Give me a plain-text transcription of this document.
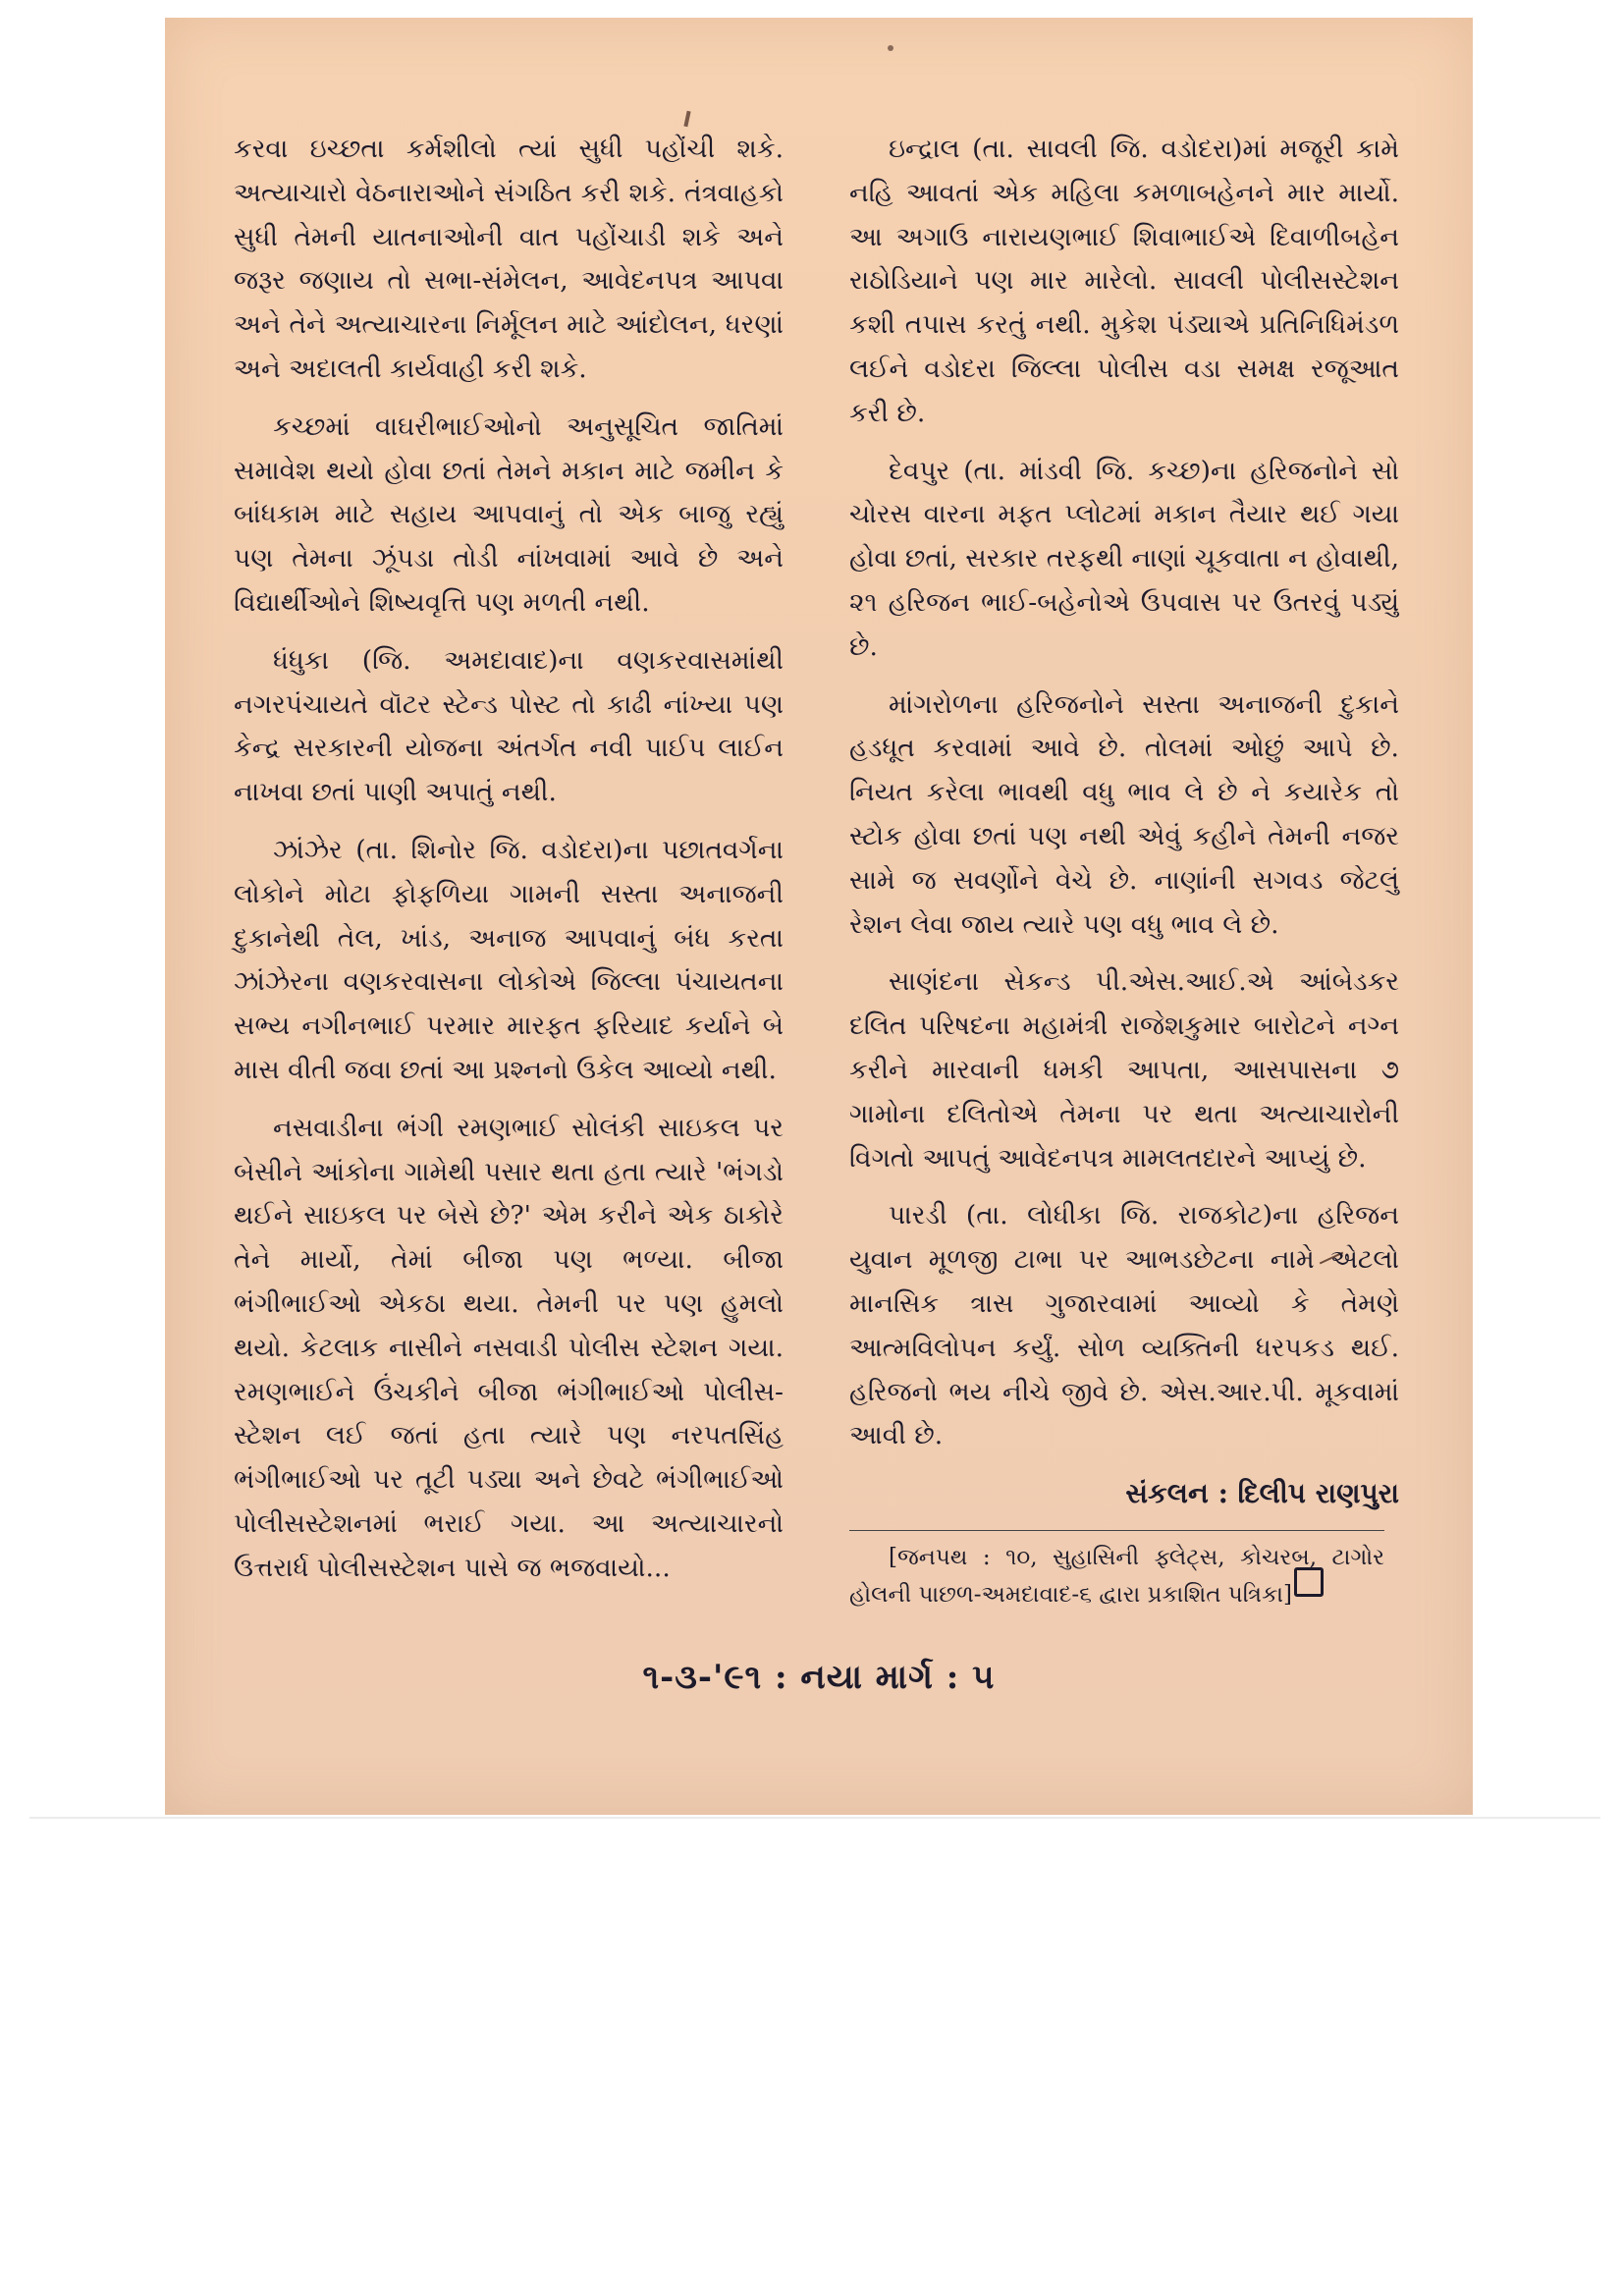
કરવા ઇચ્છતા કર્મશીલો ત્યાં સુધી પહોંચી શકે. અત્યાચારો વેઠનારાઓને સંગઠિત કરી શકે. તંત્રવાહકો સુધી તેમની યાતનાઓની વાત પહોંચાડી શકે અને જરૂર જણાય તો સભા-સંમેલન, આવેદનપત્ર આપવા અને તેને અત્યાચારના નિર્મૂલન માટે આંદોલન, ધરણાં અને અદાલતી કાર્યવાહી કરી શકે.

કચ્છમાં વાઘરીભાઈઓનો અનુસૂચિત જાતિમાં સમાવેશ થયો હોવા છતાં તેમને મકાન માટે જમીન કે બાંધકામ માટે સહાય આપવાનું તો એક બાજુ રહ્યું પણ તેમના ઝૂંપડા તોડી નાંખવામાં આવે છે અને વિદ્યાર્થીઓને શિષ્યવૃત્તિ પણ મળતી નથી.

ધંધુકા (જિ. અમદાવાદ)ના વણકરવાસમાંથી નગરપંચાયતે વૉટર સ્ટેન્ડ પોસ્ટ તો કાઢી નાંખ્યા પણ કેન્દ્ર સરકારની યોજના અંતર્ગત નવી પાઈપ લાઈન નાખવા છતાં પાણી અપાતું નથી.

ઝાંઝેર (તા. શિનોર જિ. વડોદરા)ના પછાતવર્ગના લોકોને મોટા ફોફળિયા ગામની સસ્તા અનાજની દુકાનેથી તેલ, ખાંડ, અનાજ આપવાનું બંધ કરતા ઝાંઝેરના વણકરવાસના લોકોએ જિલ્લા પંચાયતના સભ્ય નગીનભાઈ પરમાર મારફત ફરિયાદ કર્યાને બે માસ વીતી જવા છતાં આ પ્રશ્નનો ઉકેલ આવ્યો નથી.

નસવાડીના ભંગી રમણભાઈ સોલંકી સાઇકલ પર બેસીને આંકોના ગામેથી પસાર થતા હતા ત્યારે 'ભંગડો થઈને સાઇકલ પર બેસે છે?' એમ કરીને એક ઠાકોરે તેને માર્યો, તેમાં બીજા પણ ભળ્યા. બીજા ભંગીભાઈઓ એકઠા થયા. તેમની પર પણ હુમલો થયો. કેટલાક નાસીને નસવાડી પોલીસ સ્ટેશન ગયા. રમણભાઈને ઉંચકીને બીજા ભંગીભાઈઓ પોલીસ-સ્ટેશન લઈ જતાં હતા ત્યારે પણ નરપતસિંહ ભંગીભાઈઓ પર તૂટી પડ્યા અને છેવટે ભંગીભાઈઓ પોલીસસ્ટેશનમાં ભરાઈ ગયા. આ અત્યાચારનો ઉત્તરાર્ધ પોલીસસ્ટેશન પાસે જ ભજવાયો...

ઇન્દ્રાલ (તા. સાવલી જિ. વડોદરા)માં મજૂરી કામે નહિ આવતાં એક મહિલા કમળાબહેનને માર માર્યો. આ અગાઉ નારાયણભાઈ શિવાભાઈએ દિવાળીબહેન રાઠોડિયાને પણ માર મારેલો. સાવલી પોલીસસ્ટેશન કશી તપાસ કરતું નથી. મુકેશ પંડ્યાએ પ્રતિનિધિમંડળ લઈને વડોદરા જિલ્લા પોલીસ વડા સમક્ષ રજૂઆત કરી છે.

દેવપુર (તા. માંડવી જિ. કચ્છ)ના હરિજનોને સો ચોરસ વારના મફત પ્લોટમાં મકાન તૈયાર થઈ ગયા હોવા છતાં, સરકાર તરફથી નાણાં ચૂકવાતા ન હોવાથી, ૨૧ હરિજન ભાઈ-બહેનોએ ઉપવાસ પર ઉતરવું પડ્યું છે.

માંગરોળના હરિજનોને સસ્તા અનાજની દુકાને હડધૂત કરવામાં આવે છે. તોલમાં ઓછું આપે છે. નિયત કરેલા ભાવથી વધુ ભાવ લે છે ને કયારેક તો સ્ટોક હોવા છતાં પણ નથી એવું કહીને તેમની નજર સામે જ સવર્ણોને વેચે છે. નાણાંની સગવડ જેટલું રેશન લેવા જાય ત્યારે પણ વધુ ભાવ લે છે.

સાણંદના સેકન્ડ પી.એસ.આઈ.એ આંબેડકર દલિત પરિષદના મહામંત્રી રાજેશકુમાર બારોટને નગ્ન કરીને મારવાની ધમકી આપતા, આસપાસના ૭ ગામોના દલિતોએ તેમના પર થતા અત્યાચારોની વિગતો આપતું આવેદનપત્ર મામલતદારને આપ્યું છે.

પારડી (તા. લોધીકા જિ. રાજકોટ)ના હરિજન યુવાન મૂળજી ટાભા પર આભડછેટના નામે એટલો માનસિક ત્રાસ ગુજારવામાં આવ્યો કે તેમણે આત્મવિલોપન કર્યું. સોળ વ્યક્તિની ધરપકડ થઈ. હરિજનો ભય નીચે જીવે છે. એસ.આર.પી. મૂકવામાં આવી છે.

સંકલન : દિલીપ રાણપુરા

[જનપથ : ૧૦, સુહાસિની ફ્લેટ્સ, કોચરબ, ટાગોર હોલની પાછળ-અમદાવાદ-૬ દ્વારા પ્રકાશિત પત્રિકા]

૧-૩-'૯૧ : નયા માર્ગ : ૫
